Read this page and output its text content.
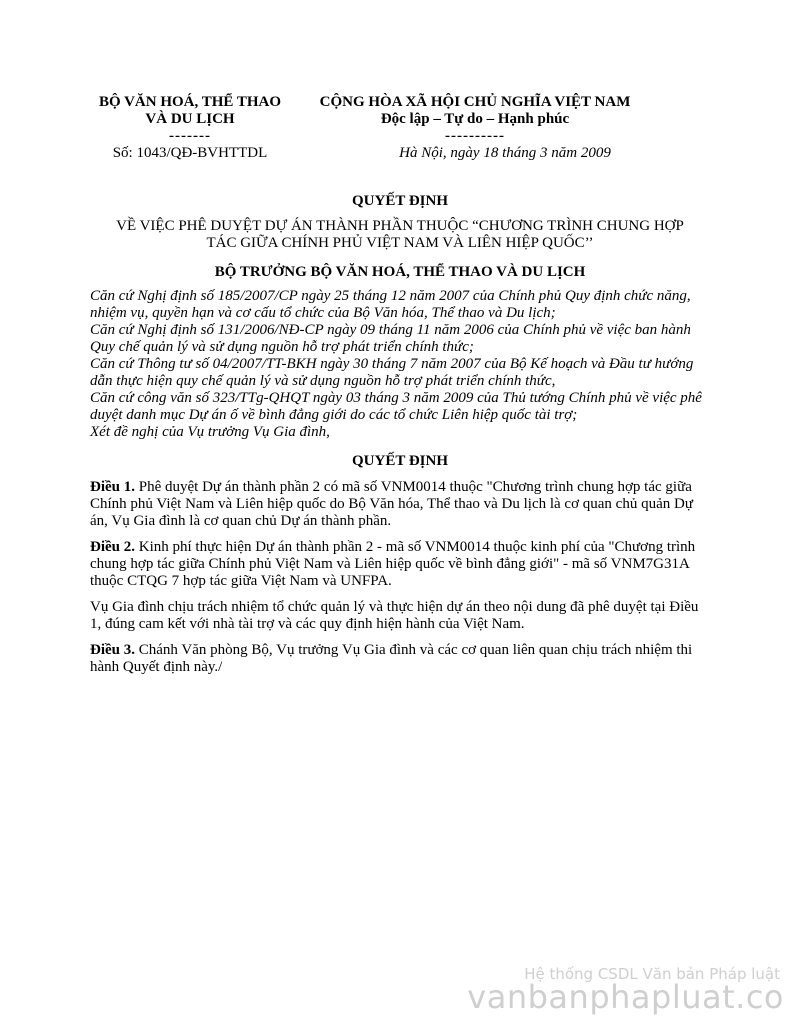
BỘ VĂN HOÁ, THỂ THAO
VÀ DU LỊCH
-------
Số: 1043/QĐ-BVHTTDL
CỘNG HÒA XÃ HỘI CHỦ NGHĨA VIỆT NAM
Độc lập – Tự do – Hạnh phúc
----------
Hà Nội, ngày 18 tháng 3 năm 2009

QUYẾT ĐỊNH

VỀ VIỆC PHÊ DUYỆT DỰ ÁN THÀNH PHẦN THUỘC “CHƯƠNG TRÌNH CHUNG HỢP
TÁC GIỮA CHÍNH PHỦ VIỆT NAM VÀ LIÊN HIỆP QUỐC’’

BỘ TRƯỞNG BỘ VĂN HOÁ, THỂ THAO VÀ DU LỊCH

Căn cứ Nghị định số 185/2007/CP ngày 25 tháng 12 năm 2007 của Chính phủ Quy định chức năng, nhiệm vụ, quyền hạn và cơ cấu tổ chức của Bộ Văn hóa, Thể thao và Du lịch;

Căn cứ Nghị định số 131/2006/NĐ-CP ngày 09 tháng 11 năm 2006 của Chính phủ về việc ban hành Quy chế quản lý và sử dụng nguồn hỗ trợ phát triển chính thức;

Căn cứ Thông tư số 04/2007/TT-BKH ngày 30 tháng 7 năm 2007 của Bộ Kế hoạch và Đầu tư hướng dẫn thực hiện quy chế quản lý và sử dụng nguồn hỗ trợ phát triển chính thức,

Căn cứ công văn số 323/TTg-QHQT ngày 03 tháng 3 năm 2009 của Thủ tướng Chính phủ về việc phê duyệt danh mục Dự án ố về bình đẳng giới do các tổ chức Liên hiệp quốc tài trợ;

Xét đề nghị của Vụ trưởng Vụ Gia đình,

QUYẾT ĐỊNH

Điều 1. Phê duyệt Dự án thành phần 2 có mã số VNM0014 thuộc "Chương trình chung hợp tác giữa Chính phủ Việt Nam và Liên hiệp quốc do Bộ Văn hóa, Thể thao và Du lịch là cơ quan chủ quản Dự án, Vụ Gia đình là cơ quan chủ Dự án thành phần.

Điều 2. Kinh phí thực hiện Dự án thành phần 2 - mã số VNM0014 thuộc kinh phí của "Chương trình chung hợp tác giữa Chính phủ Việt Nam và Liên hiệp quốc về bình đẳng giới" - mã số VNM7G31A thuộc CTQG 7 hợp tác giữa Việt Nam và UNFPA.

Vụ Gia đình chịu trách nhiệm tổ chức quản lý và thực hiện dự án theo nội dung đã phê duyệt tại Điều 1, đúng cam kết với nhà tài trợ và các quy định hiện hành của Việt Nam.

Điều 3. Chánh Văn phòng Bộ, Vụ trưởng Vụ Gia đình và các cơ quan liên quan chịu trách nhiệm thi hành Quyết định này./

Hệ thống CSDL Văn bản Pháp luật
vanbanphapluat.co
